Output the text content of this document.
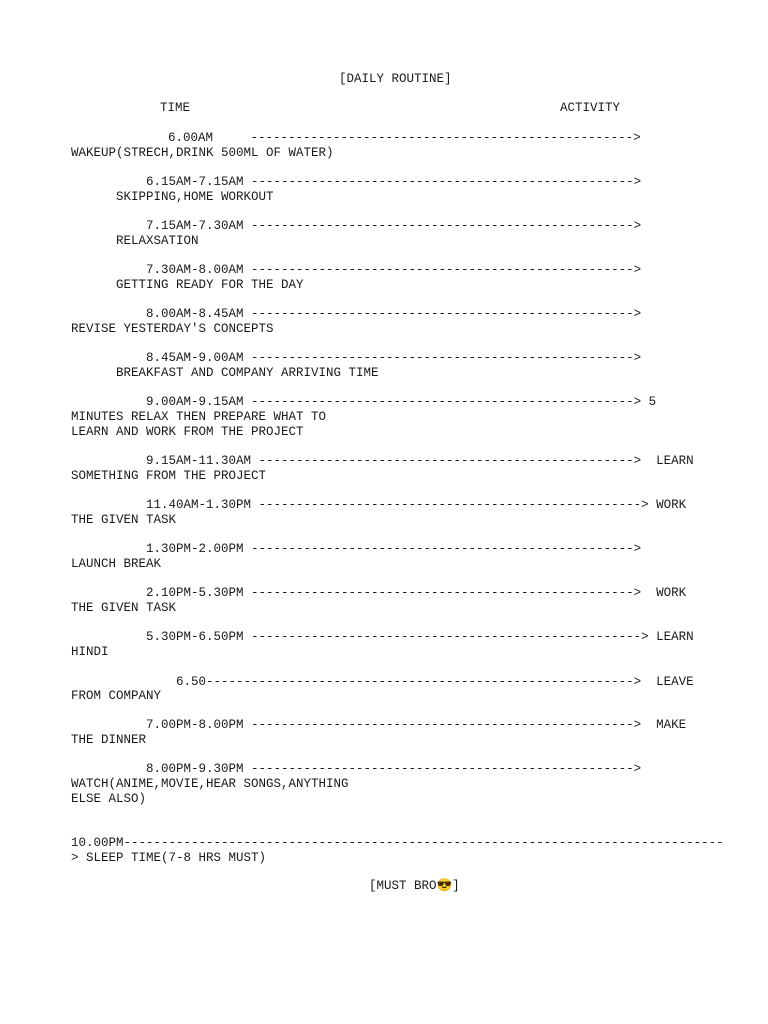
[DAILY ROUTINE]

TIME	ACTIVITY

6.00AM     --------------------------------------------------->

WAKEUP(STRECH,DRINK 500ML OF WATER)

6.15AM-7.15AM --------------------------------------------------->

SKIPPING,HOME WORKOUT

7.15AM-7.30AM --------------------------------------------------->

RELAXSATION

7.30AM-8.00AM --------------------------------------------------->

GETTING READY FOR THE DAY

8.00AM-8.45AM --------------------------------------------------->

REVISE YESTERDAY'S CONCEPTS

8.45AM-9.00AM --------------------------------------------------->

BREAKFAST AND COMPANY ARRIVING TIME

9.00AM-9.15AM ---------------------------------------------------> 5

MINUTES RELAX THEN PREPARE WHAT TO

LEARN AND WORK FROM THE PROJECT

9.15AM-11.30AM -------------------------------------------------->  LEARN

SOMETHING FROM THE PROJECT

11.40AM-1.30PM ---------------------------------------------------> WORK

THE GIVEN TASK

1.30PM-2.00PM --------------------------------------------------->

LAUNCH BREAK

2.10PM-5.30PM --------------------------------------------------->  WORK

THE GIVEN TASK

5.30PM-6.50PM ----------------------------------------------------> LEARN

HINDI

6.50--------------------------------------------------------->  LEAVE

FROM COMPANY

7.00PM-8.00PM --------------------------------------------------->  MAKE

THE DINNER

8.00PM-9.30PM --------------------------------------------------->

WATCH(ANIME,MOVIE,HEAR SONGS,ANYTHING

ELSE ALSO)

10.00PM--------------------------------------------------------------------------------

> SLEEP TIME(7-8 HRS MUST)

[MUST BRO😎]
